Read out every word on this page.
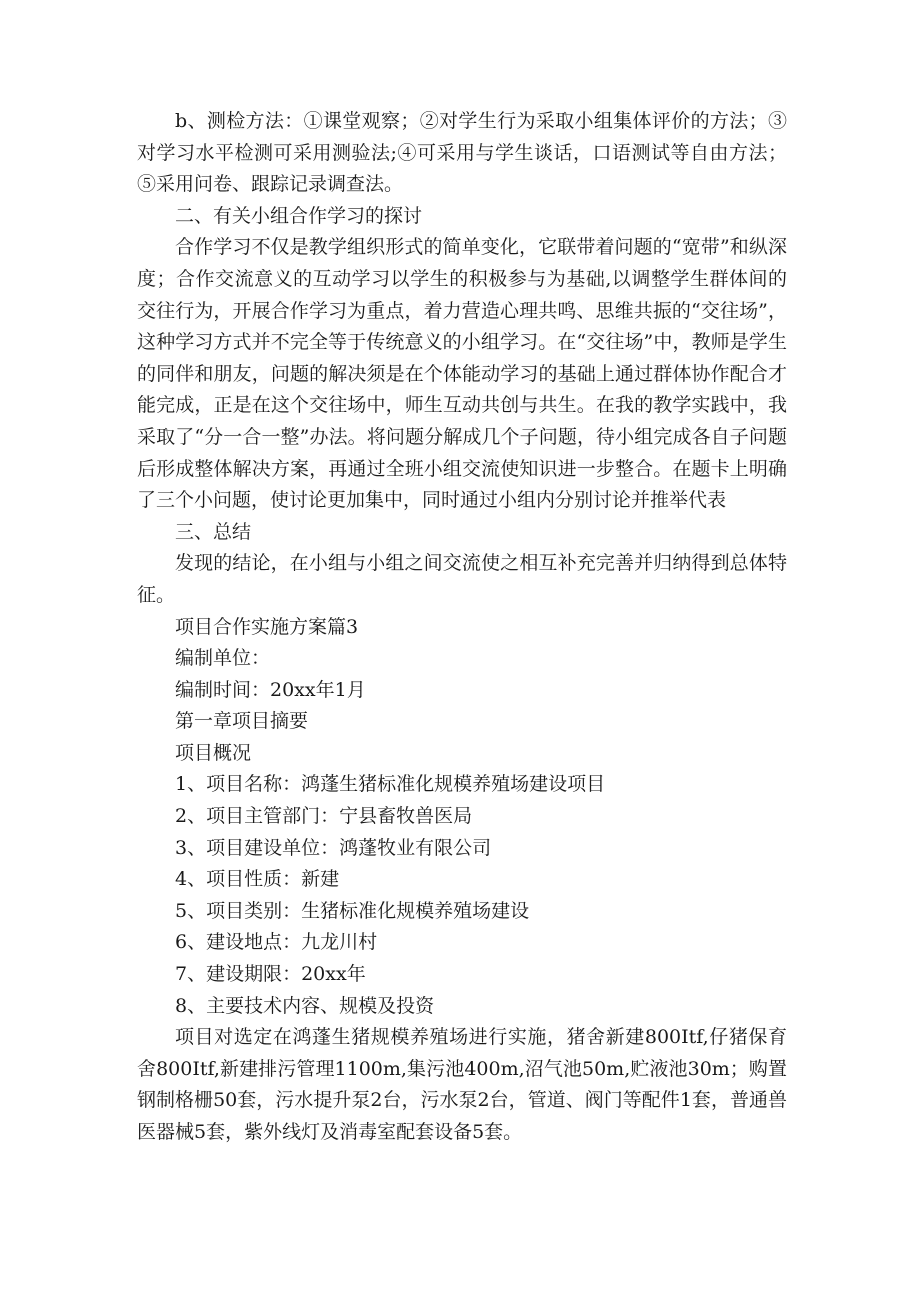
b、测检方法：①课堂观察；②对学生行为采取小组集体评价的方法；③对学习水平检测可采用测验法;④可采用与学生谈话，口语测试等自由方法；⑤采用问卷、跟踪记录调查法。

二、有关小组合作学习的探讨

合作学习不仅是教学组织形式的简单变化，它联带着问题的“宽带”和纵深度；合作交流意义的互动学习以学生的积极参与为基础,以调整学生群体间的交往行为，开展合作学习为重点，着力营造心理共鸣、思维共振的“交往场”，这种学习方式并不完全等于传统意义的小组学习。在“交往场”中，教师是学生的同伴和朋友，问题的解决须是在个体能动学习的基础上通过群体协作配合才能完成，正是在这个交往场中，师生互动共创与共生。在我的教学实践中，我采取了“分一合一整”办法。将问题分解成几个子问题，待小组完成各自子问题后形成整体解决方案，再通过全班小组交流使知识进一步整合。在题卡上明确了三个小问题，使讨论更加集中，同时通过小组内分别讨论并推举代表

三、总结

发现的结论，在小组与小组之间交流使之相互补充完善并归纳得到总体特征。

项目合作实施方案篇3

编制单位：

编制时间：20xx年1月

第一章项目摘要

项目概况

1、项目名称：鸿蓬生猪标准化规模养殖场建设项目

2、项目主管部门：宁县畜牧兽医局

3、项目建设单位：鸿蓬牧业有限公司

4、项目性质：新建

5、项目类别：生猪标准化规模养殖场建设

6、建设地点：九龙川村

7、建设期限：20xx年

8、主要技术内容、规模及投资

项目对选定在鸿蓬生猪规模养殖场进行实施，猪舍新建800Itf,仔猪保育舍800Itf,新建排污管理1100m,集污池400m,沼气池50m,贮液池30m；购置钢制格栅50套，污水提升泵2台，污水泵2台，管道、阀门等配件1套，普通兽医器械5套，紫外线灯及消毒室配套设备5套。
